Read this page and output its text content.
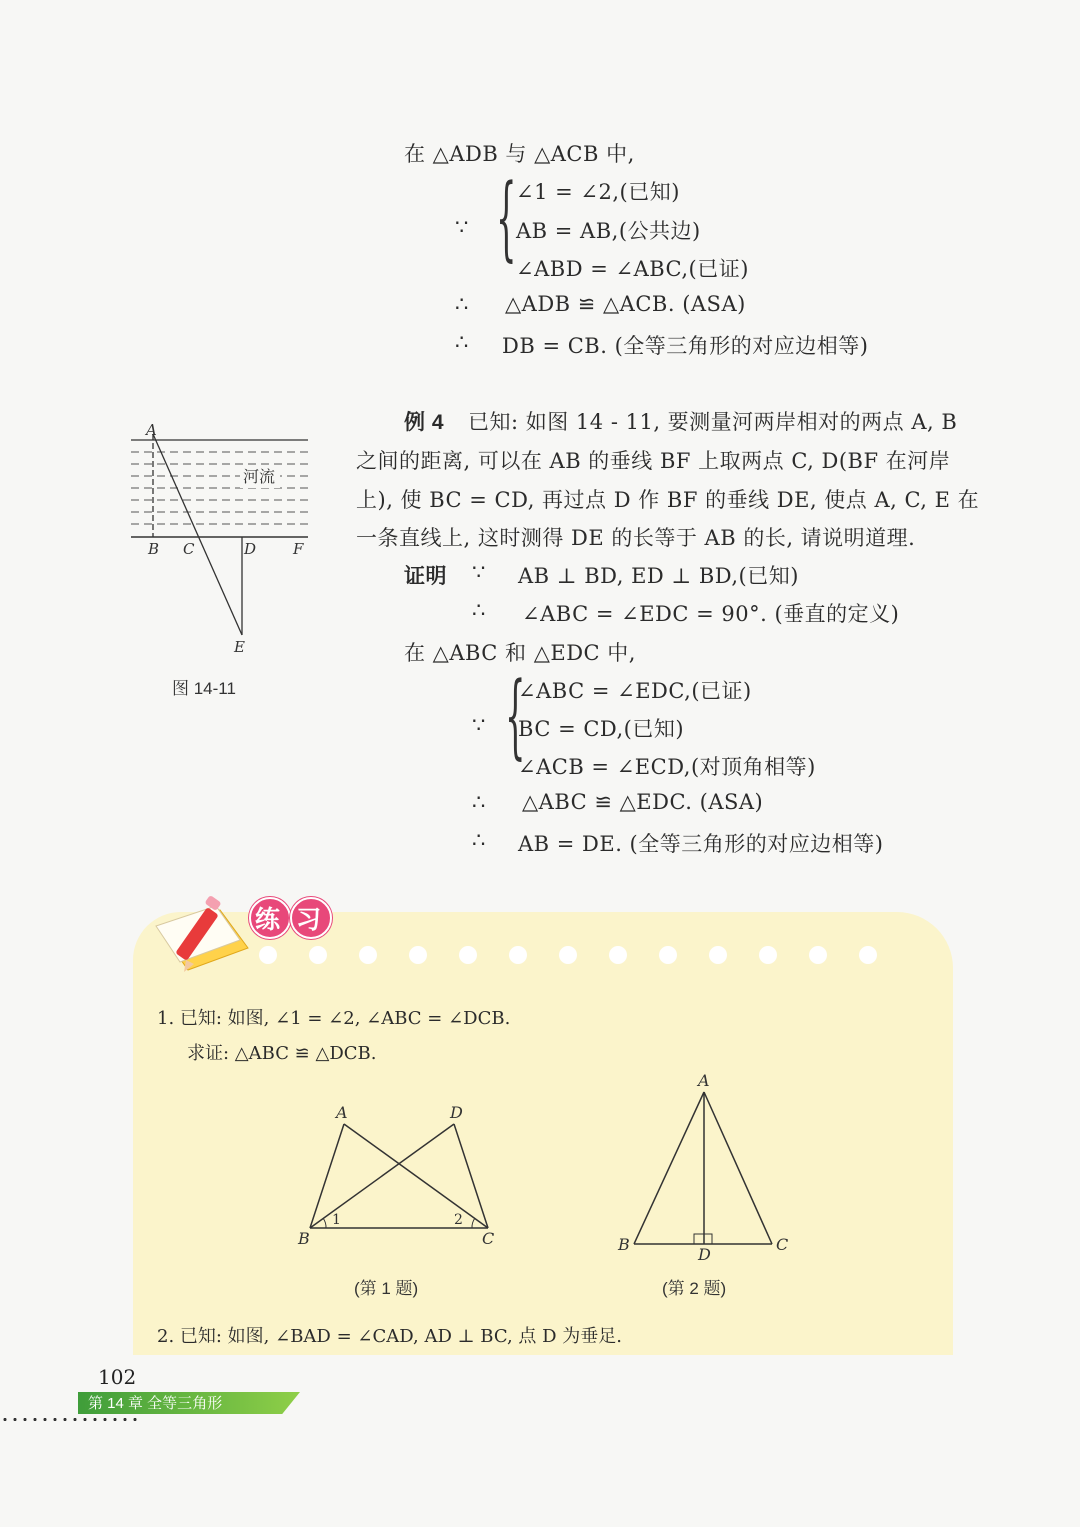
在 △ADB 与 △ACB 中,
∵ { ∠1 = ∠2,(已知)
AB = AB,(公共边)
∠ABD = ∠ABC,(已证)
∴ △ADB ≌ △ACB. (ASA)
∴ DB = CB. (全等三角形的对应边相等)
A
B C	D F
E
河流
图 14-11
例 4 已知: 如图 14 - 11, 要测量河两岸相对的两点 A, B
之间的距离, 可以在 AB 的垂线 BF 上取两点 C, D(BF 在河岸
上), 使 BC = CD, 再过点 D 作 BF 的垂线 DE, 使点 A, C, E 在
一条直线上, 这时测得 DE 的长等于 AB 的长, 请说明道理.
证明 ∵ AB ⊥ BD, ED ⊥ BD,(已知)
∴ ∠ABC = ∠EDC = 90°. (垂直的定义)
在 △ABC 和 △EDC 中,
∵ {
∠ABC = ∠EDC,(已证)
BC = CD,(已知)
∠ACB = ∠ECD,(对顶角相等)
∴ △ABC ≌ △EDC. (ASA)
∴ AB = DE. (全等三角形的对应边相等)
练 习
1. 已知: 如图, ∠1 = ∠2, ∠ABC = ∠DCB.
求证: △ABC ≌ △DCB.
A	D
B	C
1	2
(第 1 题)
A
B	C
D
(第 2 题)
2. 已知: 如图, ∠BAD = ∠CAD, AD ⊥ BC, 点 D 为垂足.
102
第 14 章 全等三角形
